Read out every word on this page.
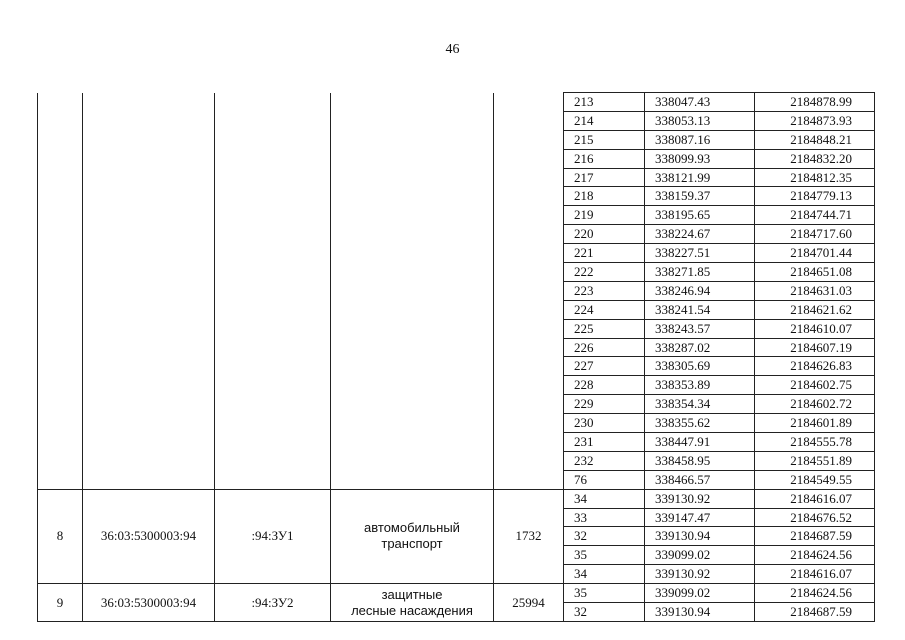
46
					213	338047.43	2184878.99
					214	338053.13	2184873.93
					215	338087.16	2184848.21
					216	338099.93	2184832.20
					217	338121.99	2184812.35
					218	338159.37	2184779.13
					219	338195.65	2184744.71
					220	338224.67	2184717.60
					221	338227.51	2184701.44
					222	338271.85	2184651.08
					223	338246.94	2184631.03
					224	338241.54	2184621.62
					225	338243.57	2184610.07
					226	338287.02	2184607.19
					227	338305.69	2184626.83
					228	338353.89	2184602.75
					229	338354.34	2184602.72
					230	338355.62	2184601.89
					231	338447.91	2184555.78
					232	338458.95	2184551.89
					76	338466.57	2184549.55
8	36:03:5300003:94	:94:ЗУ1	автомобильный
транспорт	1732	34	339130.92	2184616.07
					33	339147.47	2184676.52
					32	339130.94	2184687.59
					35	339099.02	2184624.56
					34	339130.92	2184616.07
9	36:03:5300003:94	:94:ЗУ2	защитные
лесные насаждения	25994	35	339099.02	2184624.56
					32	339130.94	2184687.59
